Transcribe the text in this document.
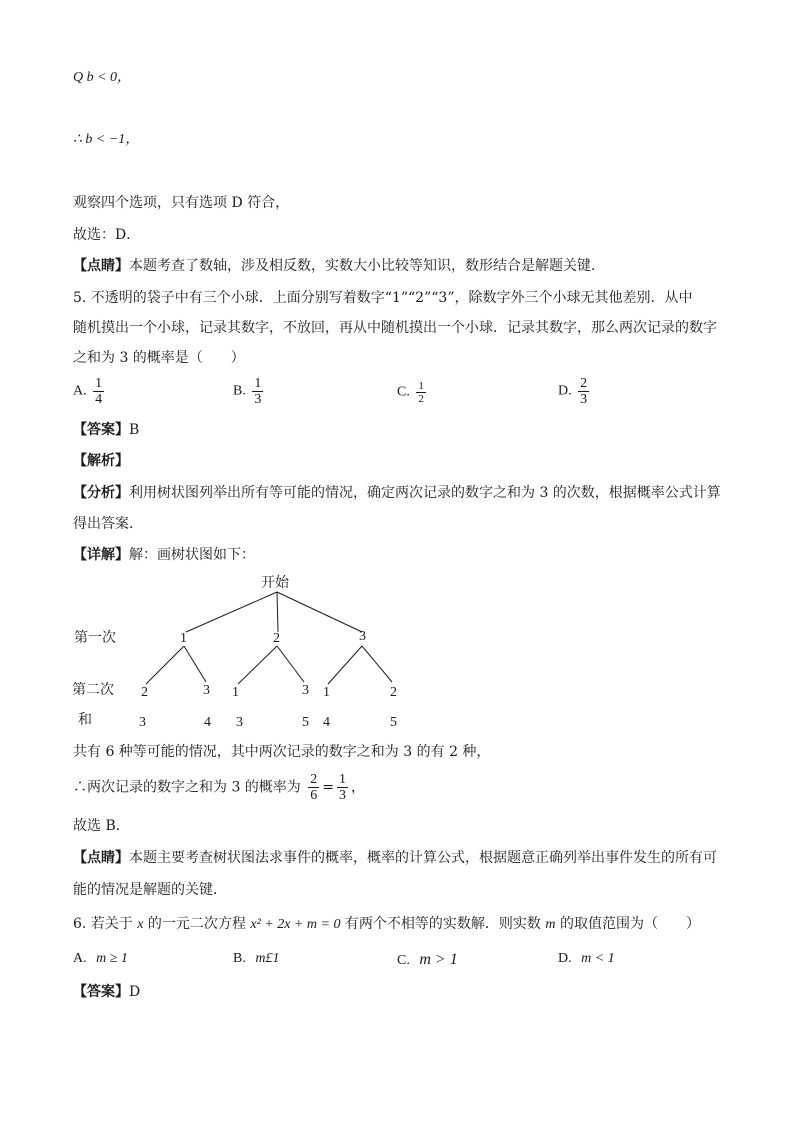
Q b < 0，
∴ b < −1，
观察四个选项，只有选项 D 符合，
故选：D．
【点睛】本题考查了数轴，涉及相反数，实数大小比较等知识，数形结合是解题关键．
5. 不透明的袋子中有三个小球．上面分别写着数字“1”“2”“3”，除数字外三个小球无其他差别．从中
随机摸出一个小球，记录其数字，不放回，再从中随机摸出一个小球．记录其数字，那么两次记录的数字
之和为 3 的概率是（　　）
A. $\frac{1}{4}$	B. $\frac{1}{3}$	C. $\frac{1}{2}$	D. $\frac{2}{3}$
【答案】B
【解析】
【分析】利用树状图列举出所有等可能的情况，确定两次记录的数字之和为 3 的次数，根据概率公式计算
得出答案．
【详解】解：画树状图如下：
开始
第一次
第二次
和
1	2	3
2	3 1	3 1	2
3	4 3	5 4	5
共有 6 种等可能的情况，其中两次记录的数字之和为 3 的有 2 种，
∴两次记录的数字之和为 3 的概率为 $\frac{2}{6} = \frac{1}{3}$ ，
故选 B．
【点睛】本题主要考查树状图法求事件的概率，概率的计算公式，根据题意正确列举出事件发生的所有可
能的情况是解题的关键．
6. 若关于 x 的一元二次方程 x² + 2x + m = 0 有两个不相等的实数解．则实数 m 的取值范围为（　　）
A. m ≥ 1	B. m£1	C. m > 1	D. m < 1
【答案】D
